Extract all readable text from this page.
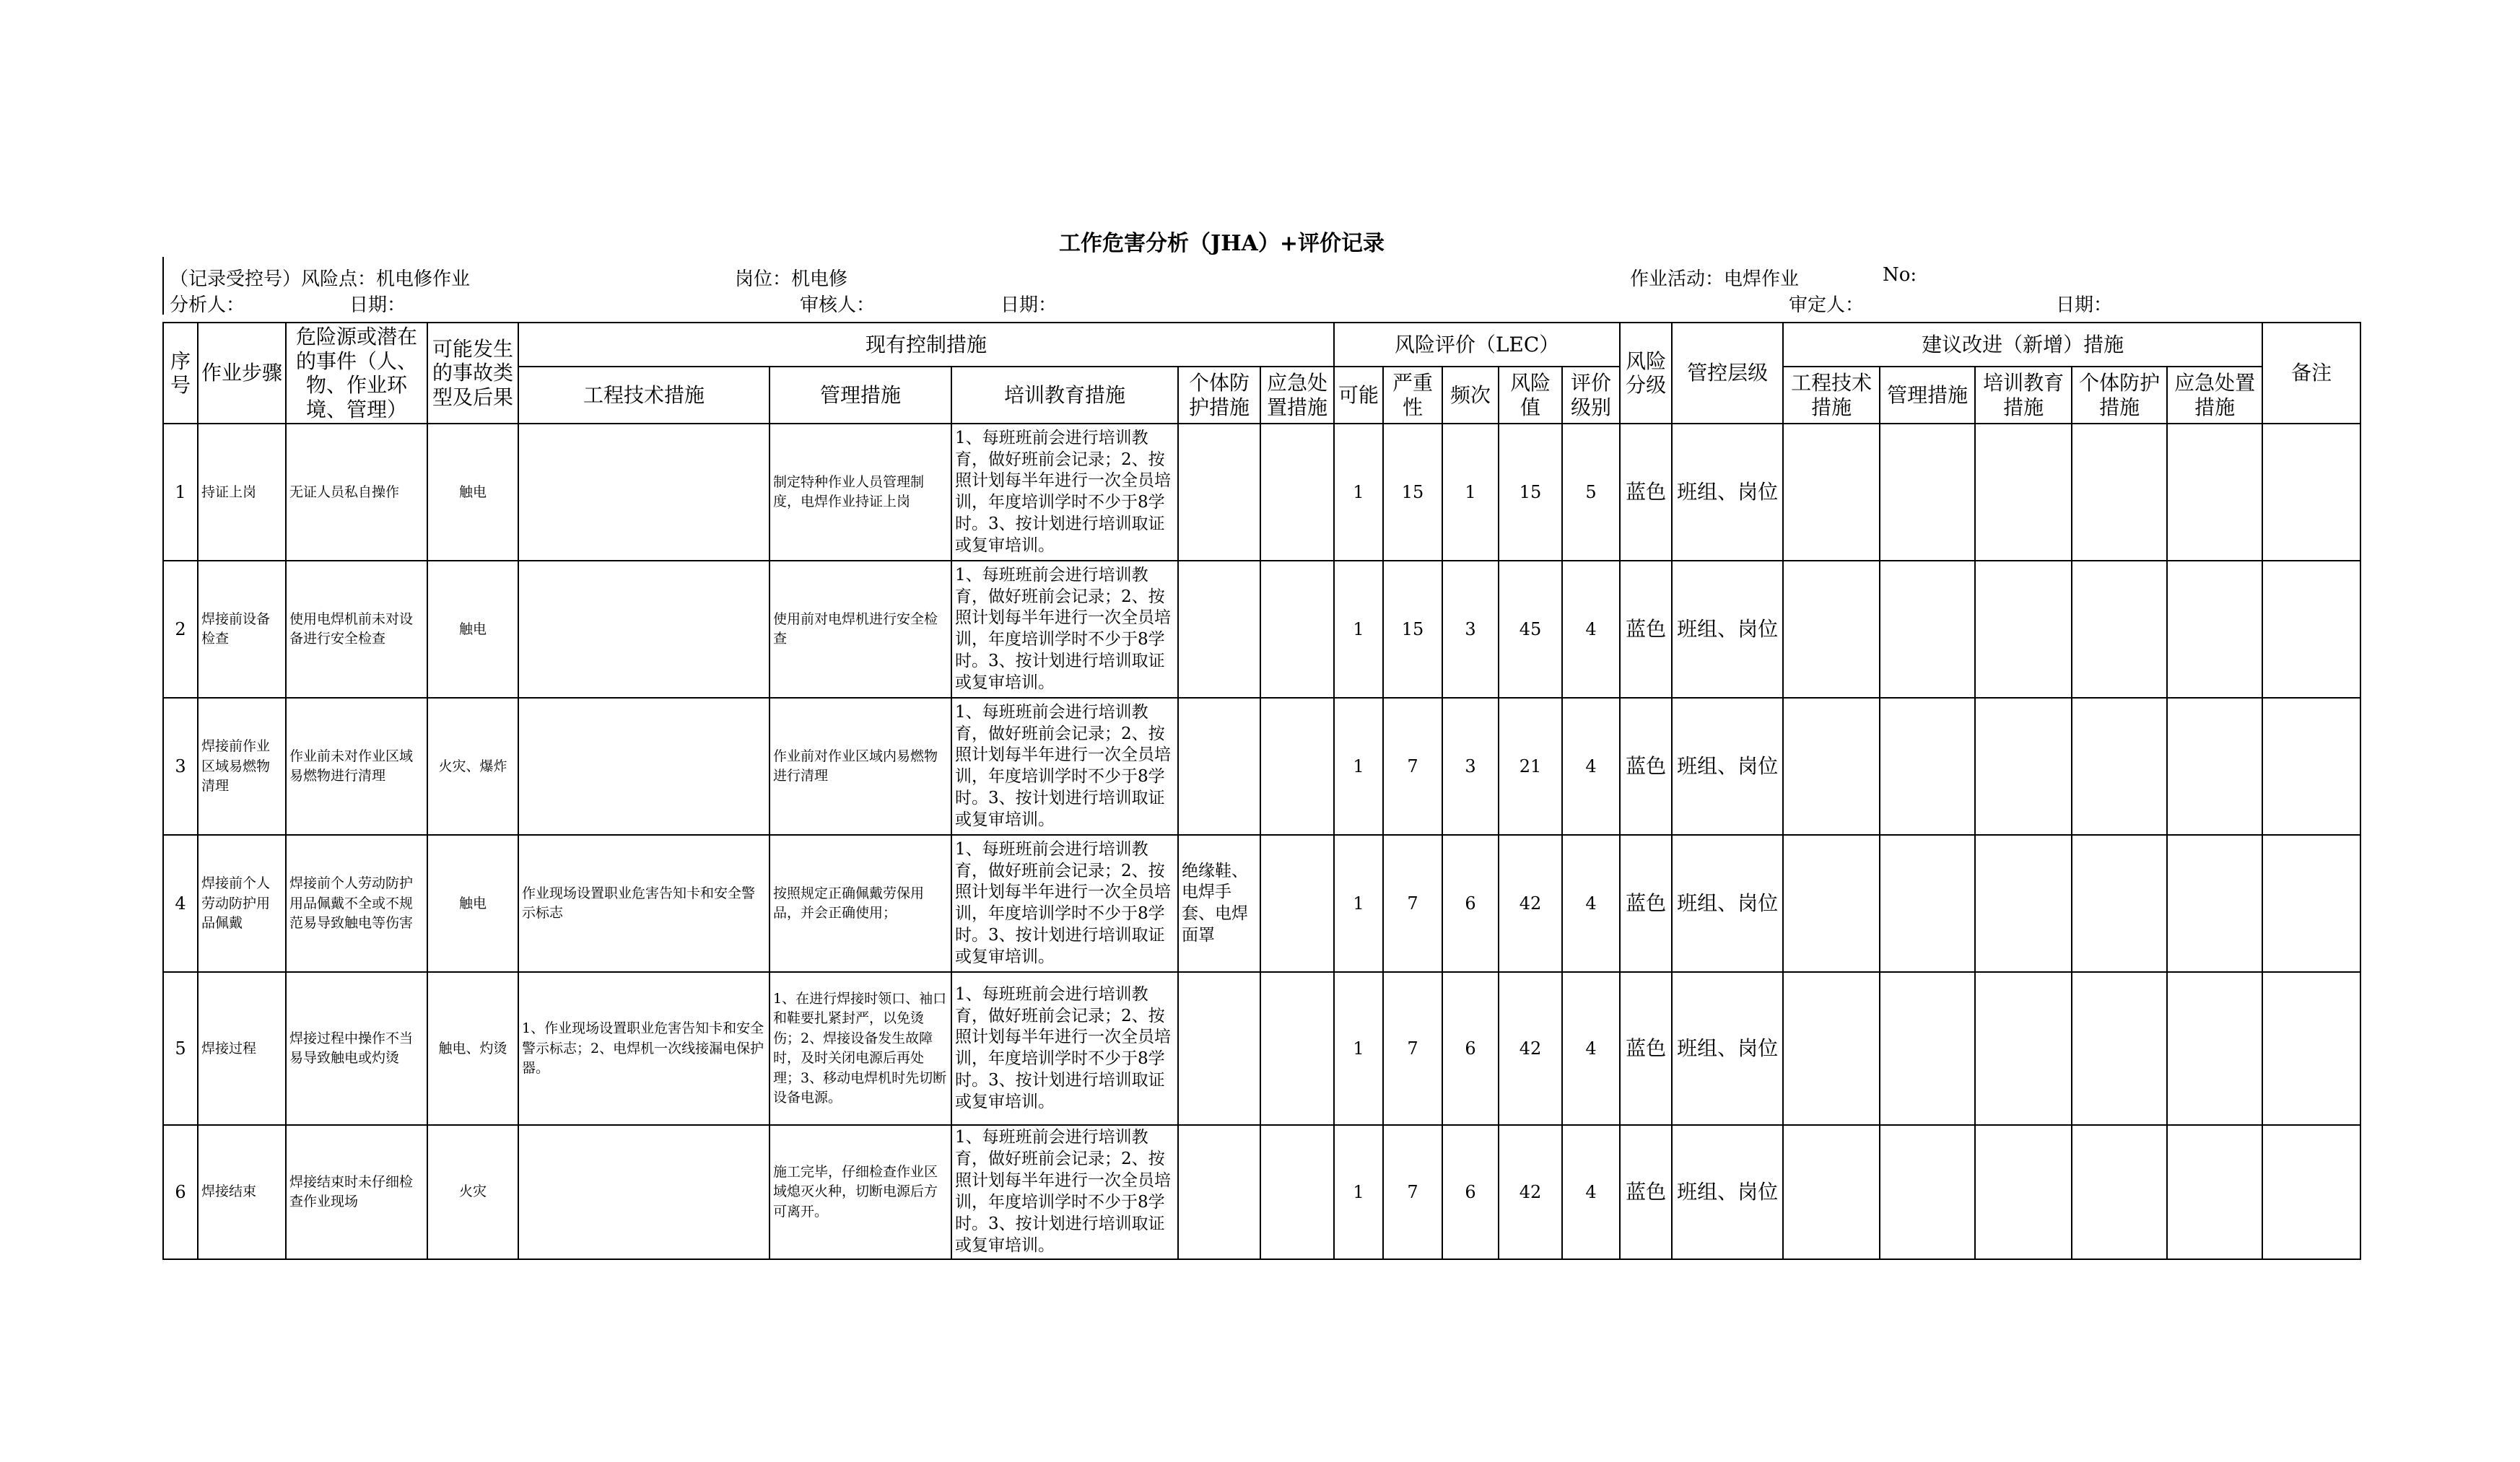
工作危害分析（JHA）+评价记录
（记录受控号）风险点：机电修作业	岗位：机电修	作业活动：电焊作业	No:
分析人：	日期：	审核人：	日期：	审定人：	日期：
序号	作业步骤	危险源或潜在的事件（人、物、作业环境、管理）	可能发生的事故类型及后果	现有控制措施					风险评价（LEC）					风险分级	管控层级	建议改进（新增）措施					备注
				工程技术措施	管理措施	培训教育措施	个体防护措施	应急处置措施	可能	严重性	频次	风险值	评价级别			工程技术措施	管理措施	培训教育措施	个体防护措施	应急处置措施	
1	持证上岗	无证人员私自操作	触电		制定特种作业人员管理制度，电焊作业持证上岗	1、每班班前会进行培训教育，做好班前会记录；2、按照计划每半年进行一次全员培训，年度培训学时不少于8学时。3、按计划进行培训取证或复审培训。			1	15	1	15	5	蓝色	班组、岗位						
2	焊接前设备检查	使用电焊机前未对设备进行安全检查	触电		使用前对电焊机进行安全检查	1、每班班前会进行培训教育，做好班前会记录；2、按照计划每半年进行一次全员培训，年度培训学时不少于8学时。3、按计划进行培训取证或复审培训。			1	15	3	45	4	蓝色	班组、岗位						
3	焊接前作业区域易燃物清理	作业前未对作业区域易燃物进行清理	火灾、爆炸		作业前对作业区域内易燃物进行清理	1、每班班前会进行培训教育，做好班前会记录；2、按照计划每半年进行一次全员培训，年度培训学时不少于8学时。3、按计划进行培训取证或复审培训。			1	7	3	21	4	蓝色	班组、岗位						
4	焊接前个人劳动防护用品佩戴	焊接前个人劳动防护用品佩戴不全或不规范易导致触电等伤害	触电	作业现场设置职业危害告知卡和安全警示标志	按照规定正确佩戴劳保用品，并会正确使用；	1、每班班前会进行培训教育，做好班前会记录；2、按照计划每半年进行一次全员培训，年度培训学时不少于8学时。3、按计划进行培训取证或复审培训。	绝缘鞋、电焊手套、电焊面罩		1	7	6	42	4	蓝色	班组、岗位						
5	焊接过程	焊接过程中操作不当易导致触电或灼烫	触电、灼烫	1、作业现场设置职业危害告知卡和安全警示标志；2、电焊机一次线接漏电保护器。	1、在进行焊接时领口、袖口和鞋要扎紧封严，以免烫伤；2、焊接设备发生故障时，及时关闭电源后再处理；3、移动电焊机时先切断设备电源。	1、每班班前会进行培训教育，做好班前会记录；2、按照计划每半年进行一次全员培训，年度培训学时不少于8学时。3、按计划进行培训取证或复审培训。			1	7	6	42	4	蓝色	班组、岗位						
6	焊接结束	焊接结束时未仔细检查作业现场	火灾		施工完毕，仔细检查作业区域熄灭火种，切断电源后方可离开。	1、每班班前会进行培训教育，做好班前会记录；2、按照计划每半年进行一次全员培训，年度培训学时不少于8学时。3、按计划进行培训取证或复审培训。			1	7	6	42	4	蓝色	班组、岗位						
